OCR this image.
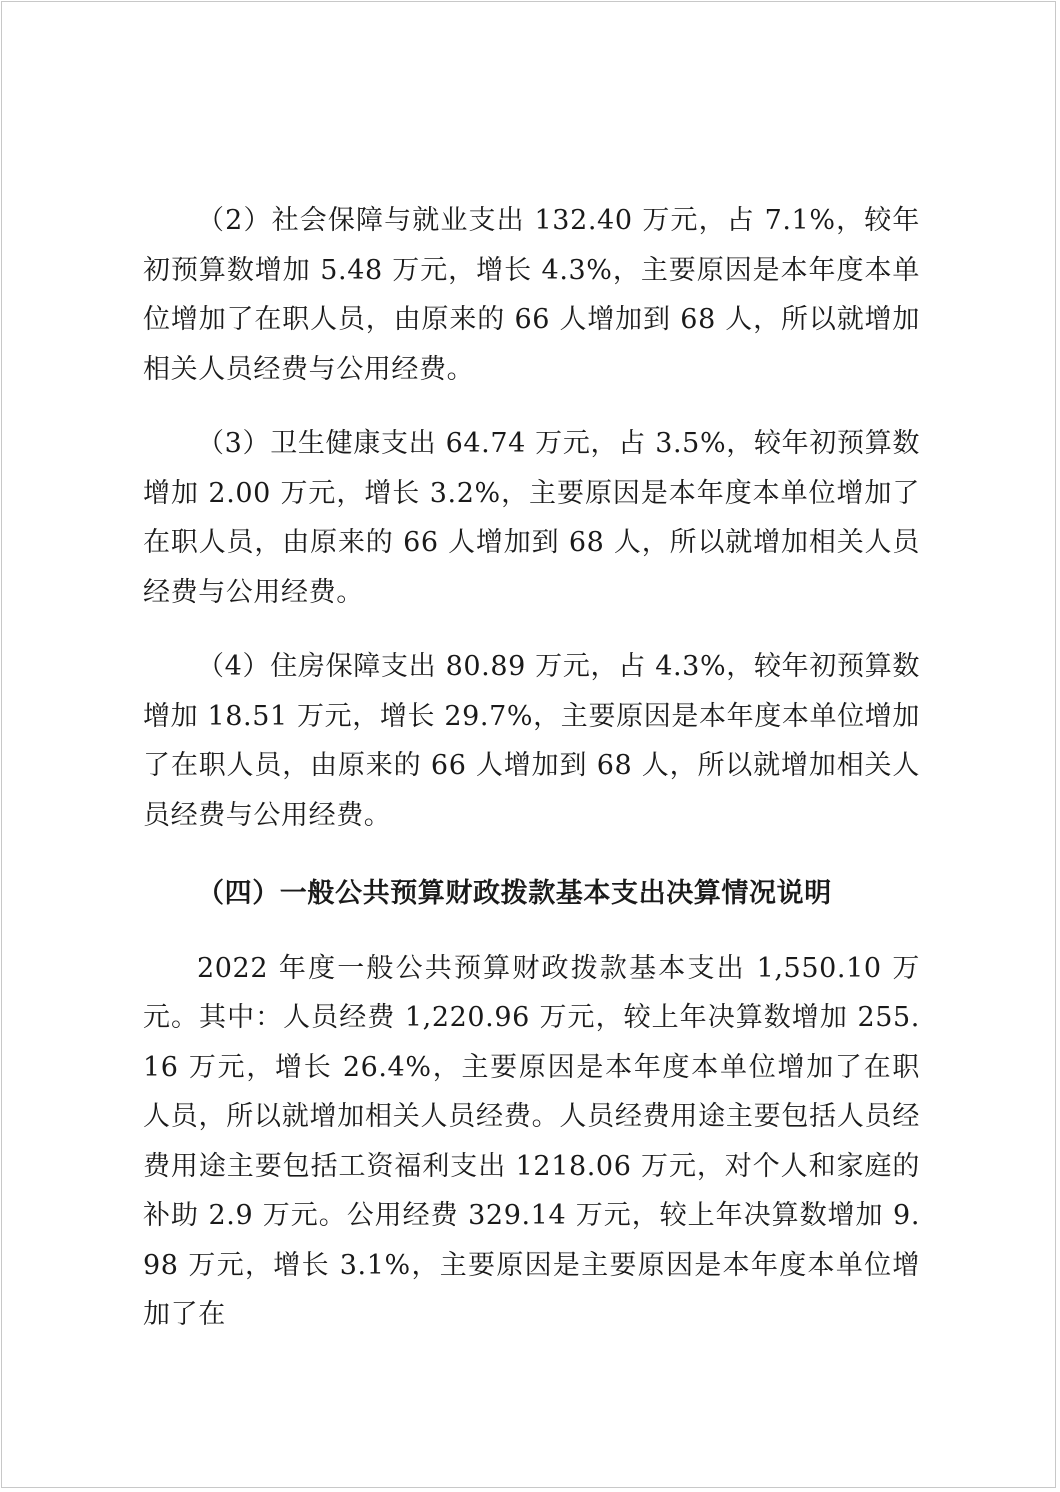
（2）社会保障与就业支出 132.40 万元，占 7.1%，较年初预算数增加 5.48 万元，增长 4.3%，主要原因是本年度本单位增加了在职人员，由原来的 66 人增加到 68 人，所以就增加相关人员经费与公用经费。

（3）卫生健康支出 64.74 万元，占 3.5%，较年初预算数增加 2.00 万元，增长 3.2%，主要原因是本年度本单位增加了在职人员，由原来的 66 人增加到 68 人，所以就增加相关人员经费与公用经费。

（4）住房保障支出 80.89 万元，占 4.3%，较年初预算数增加 18.51 万元，增长 29.7%，主要原因是本年度本单位增加了在职人员，由原来的 66 人增加到 68 人，所以就增加相关人员经费与公用经费。

（四）一般公共预算财政拨款基本支出决算情况说明

2022 年度一般公共预算财政拨款基本支出 1,550.10 万元。其中：人员经费 1,220.96 万元，较上年决算数增加 255.16 万元，增长 26.4%，主要原因是本年度本单位增加了在职人员，所以就增加相关人员经费。人员经费用途主要包括人员经费用途主要包括工资福利支出 1218.06 万元，对个人和家庭的补助 2.9 万元。公用经费 329.14 万元，较上年决算数增加 9.98 万元，增长 3.1%，主要原因是主要原因是本年度本单位增加了在
